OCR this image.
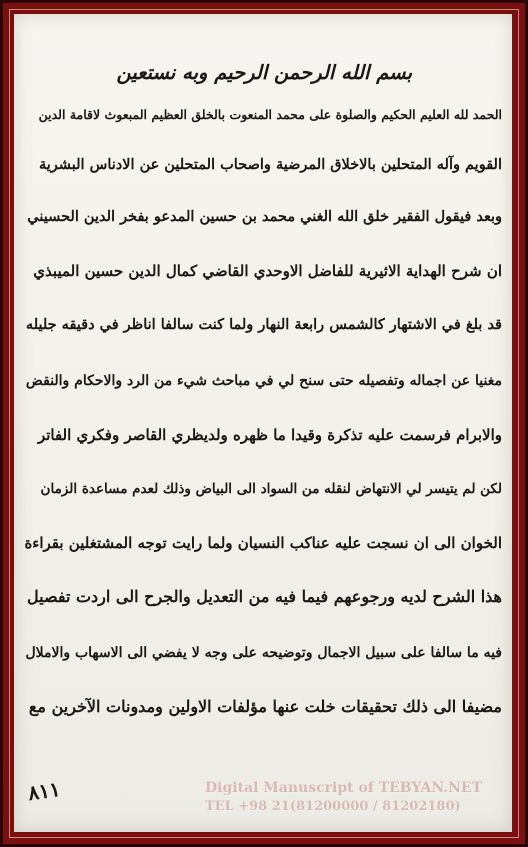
بسم الله الرحمن الرحيم وبه نستعين

الحمد لله العليم الحكيم والصلوة على محمد المنعوت بالخلق العظيم المبعوث لاقامة الدين

القويم وآله المتحلين بالاخلاق المرضية واصحاب المتحلين عن الادناس البشرية

وبعد فيقول الفقير خلق الله الغني محمد بن حسين المدعو بفخر الدين الحسيني

ان شرح الهداية الاثيرية للفاضل الاوحدي القاضي كمال الدين حسين الميبذي

قد بلغ في الاشتهار كالشمس رابعة النهار ولما كنت سالفا اناظر في دقيقه جليله

مغنيا عن اجماله وتفصيله حتى سنح لي في مباحث شيء من الرد والاحكام والنقض

والابرام فرسمت عليه تذكرة وقيدا ما ظهره ولديظري القاصر وفكري الفاتر

لكن لم يتيسر لي الانتهاض لنقله من السواد الى البياض وذلك لعدم مساعدة الزمان

الخوان الى ان نسجت عليه عناكب النسيان ولما رايت توجه المشتغلين بقراءة

هذا الشرح لديه ورجوعهم فيما فيه من التعديل والجرح الى اردت تفصيل

فيه ما سالفا على سبيل الاجمال وتوضيحه على وجه لا يفضي الى الاسهاب والاملال

مضيفا الى ذلك تحقيقات خلت عنها مؤلفات الاولين ومدونات الآخرين مع

٨١١	Digital Manuscript of TEBYAN.NET
TEL +98 21(81200000 / 81202180)
